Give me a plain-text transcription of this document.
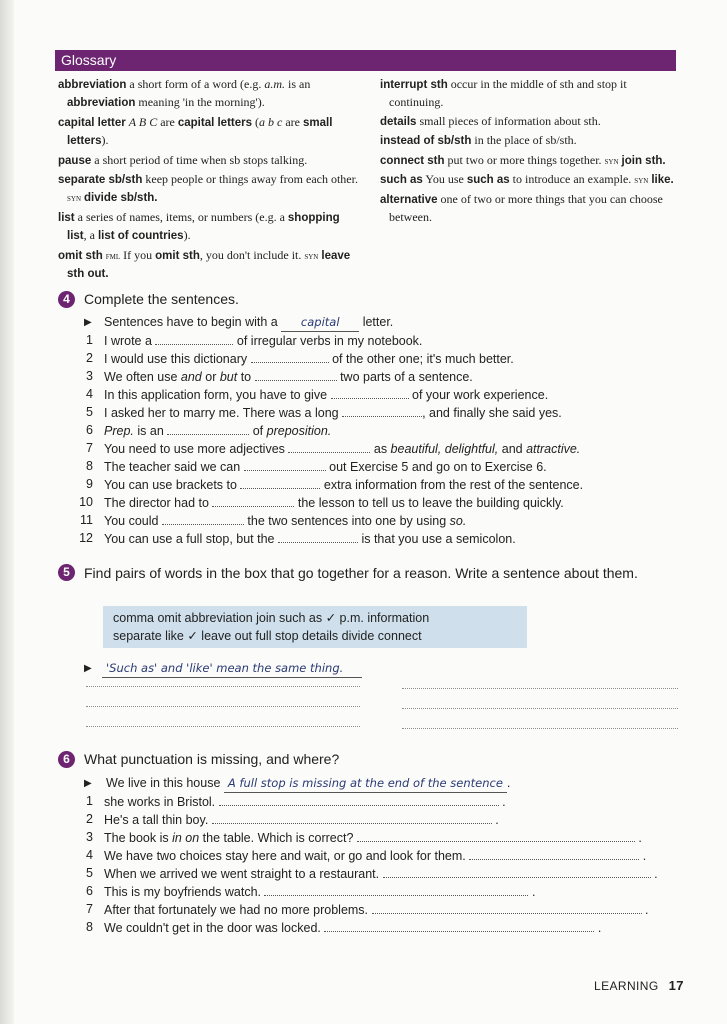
Glossary

abbreviation a short form of a word (e.g. a.m. is an abbreviation meaning 'in the morning').

capital letter A B C are capital letters (a b c are small letters).

pause a short period of time when sb stops talking.

separate sb/sth keep people or things away from each other. syn divide sb/sth.

list a series of names, items, or numbers (e.g. a shopping list, a list of countries).

omit sth fml If you omit sth, you don't include it. syn leave sth out.

interrupt sth occur in the middle of sth and stop it continuing.

details small pieces of information about sth.

instead of sb/sth in the place of sb/sth.

connect sth put two or more things together. syn join sth.

such as You use such as to introduce an example. syn like.

alternative one of two or more things that you can choose between.

4	Complete the sentences.
▶ Sentences have to begin with a capital letter.
1 I wrote a	of irregular verbs in my notebook.
2 I would use this dictionary	of the other one; it's much better.
3 We often use and or but to	two parts of a sentence.
4 In this application form, you have to give	of your work experience.
5 I asked her to marry me. There was a long	, and finally she said yes.
6 Prep. is an	of preposition.
7 You need to use more adjectives	as beautiful, delightful, and attractive.
8 The teacher said we can	out Exercise 5 and go on to Exercise 6.
9 You can use brackets to	extra information from the rest of the sentence.
10 The director had to	the lesson to tell us to leave the building quickly.
11 You could	the two sentences into one by using so.
12 You can use a full stop, but the	is that you use a semicolon.
5	Find pairs of words in the box that go together for a reason. Write a sentence about them.
comma omit abbreviation join such as ✓ p.m. information
separate like ✓ leave out full stop details divide connect
▶	'Such as' and 'like' mean the same thing.
6	What punctuation is missing, and where?
▶ We live in this house A full stop is missing at the end of the sentence .
1 she works in Bristol.	.
2 He's a tall thin boy.	.
3 The book is in on the table. Which is correct?	.
4 We have two choices stay here and wait, or go and look for them.	.
5 When we arrived we went straight to a restaurant.	.
6 This is my boyfriends watch.	.
7 After that fortunately we had no more problems.	.
8 We couldn't get in the door was locked.	.
LEARNING 17
